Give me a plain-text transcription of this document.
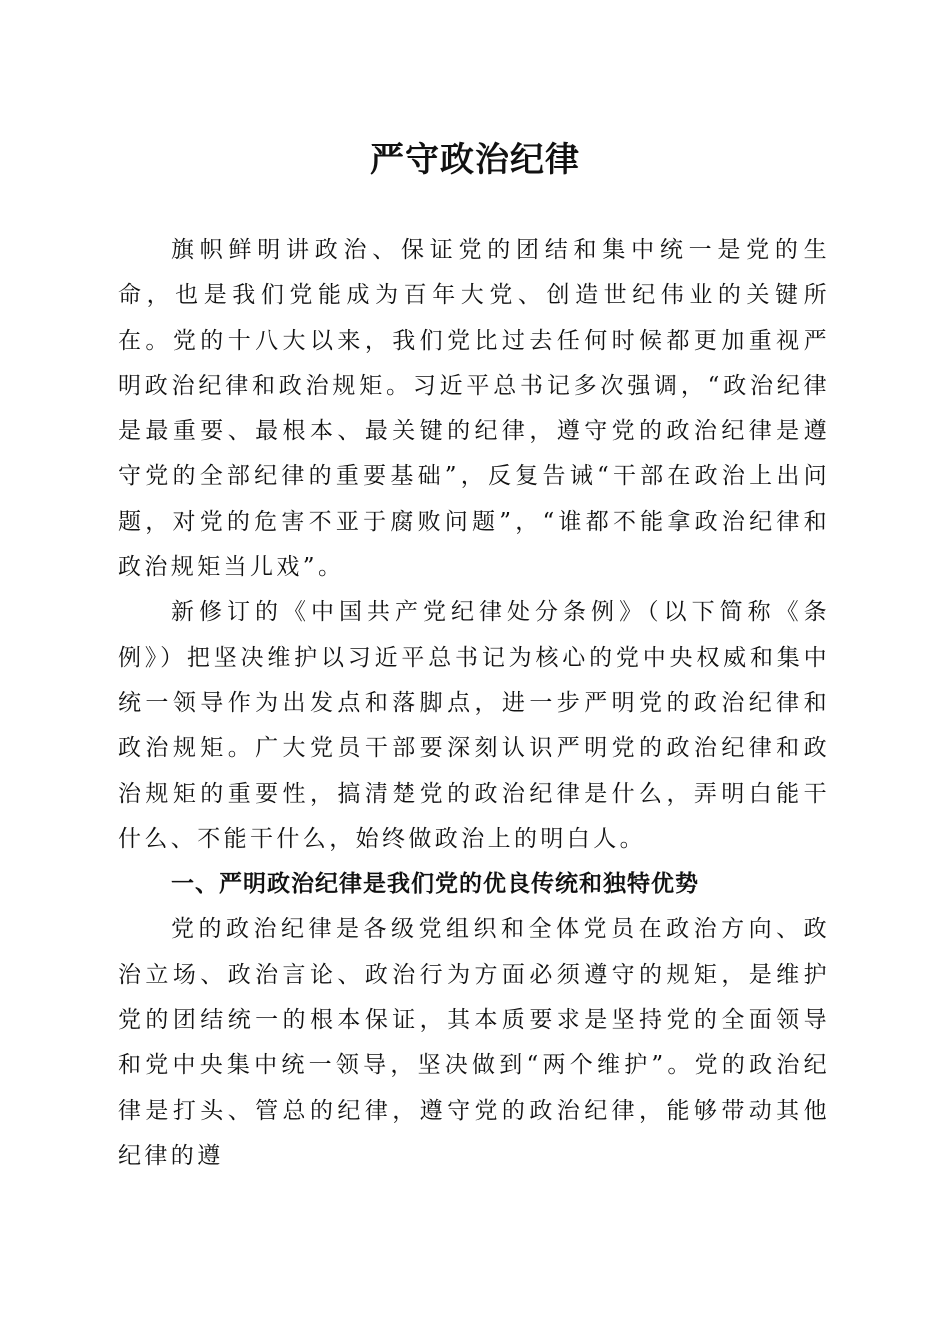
严守政治纪律

旗帜鲜明讲政治、保证党的团结和集中统一是党的生命，也是我们党能成为百年大党、创造世纪伟业的关键所在。党的十八大以来，我们党比过去任何时候都更加重视严明政治纪律和政治规矩。习近平总书记多次强调，“政治纪律是最重要、最根本、最关键的纪律，遵守党的政治纪律是遵守党的全部纪律的重要基础”，反复告诫“干部在政治上出问题，对党的危害不亚于腐败问题”，“谁都不能拿政治纪律和政治规矩当儿戏”。

新修订的《中国共产党纪律处分条例》（以下简称《条例》）把坚决维护以习近平总书记为核心的党中央权威和集中统一领导作为出发点和落脚点，进一步严明党的政治纪律和政治规矩。广大党员干部要深刻认识严明党的政治纪律和政治规矩的重要性，搞清楚党的政治纪律是什么，弄明白能干什么、不能干什么，始终做政治上的明白人。

一、严明政治纪律是我们党的优良传统和独特优势

党的政治纪律是各级党组织和全体党员在政治方向、政治立场、政治言论、政治行为方面必须遵守的规矩，是维护党的团结统一的根本保证，其本质要求是坚持党的全面领导和党中央集中统一领导，坚决做到“两个维护”。党的政治纪律是打头、管总的纪律，遵守党的政治纪律，能够带动其他纪律的遵
